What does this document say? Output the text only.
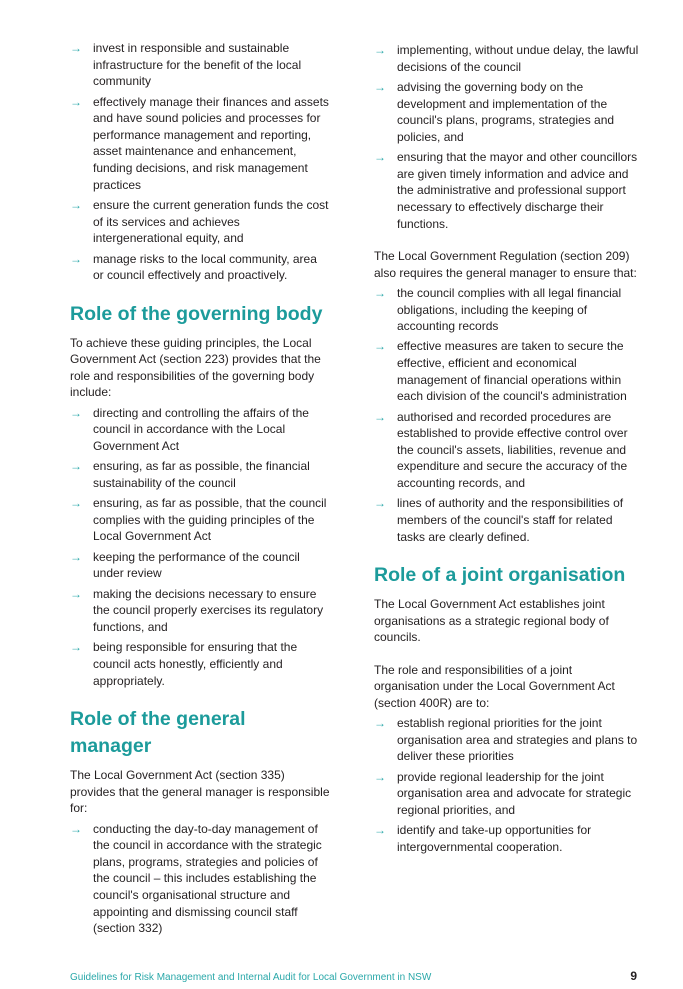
→ invest in responsible and sustainable infrastructure for the benefit of the local community
→ effectively manage their finances and assets and have sound policies and processes for performance management and reporting, asset maintenance and enhancement, funding decisions, and risk management practices
→ ensure the current generation funds the cost of its services and achieves intergenerational equity, and
→ manage risks to the local community, area or council effectively and proactively.
Role of the governing body

To achieve these guiding principles, the Local Government Act (section 223) provides that the role and responsibilities of the governing body include:

→ directing and controlling the affairs of the council in accordance with the Local Government Act
→ ensuring, as far as possible, the financial sustainability of the council
→ ensuring, as far as possible, that the council complies with the guiding principles of the Local Government Act
→ keeping the performance of the council under review
→ making the decisions necessary to ensure the council properly exercises its regulatory functions, and
→ being responsible for ensuring that the council acts honestly, efficiently and appropriately.
Role of the general manager

The Local Government Act (section 335) provides that the general manager is responsible for:

→ conducting the day-to-day management of the council in accordance with the strategic plans, programs, strategies and policies of the council – this includes establishing the council's organisational structure and appointing and dismissing council staff (section 332)
→ implementing, without undue delay, the lawful decisions of the council
→ advising the governing body on the development and implementation of the council's plans, programs, strategies and policies, and
→ ensuring that the mayor and other councillors are given timely information and advice and the administrative and professional support necessary to effectively discharge their functions.

The Local Government Regulation (section 209) also requires the general manager to ensure that:

→ the council complies with all legal financial obligations, including the keeping of accounting records
→ effective measures are taken to secure the effective, efficient and economical management of financial operations within each division of the council's administration
→ authorised and recorded procedures are established to provide effective control over the council's assets, liabilities, revenue and expenditure and secure the accuracy of the accounting records, and
→ lines of authority and the responsibilities of members of the council's staff for related tasks are clearly defined.
Role of a joint organisation

The Local Government Act establishes joint organisations as a strategic regional body of councils.

The role and responsibilities of a joint organisation under the Local Government Act (section 400R) are to:

→ establish regional priorities for the joint organisation area and strategies and plans to deliver these priorities
→ provide regional leadership for the joint organisation area and advocate for strategic regional priorities, and
→ identify and take-up opportunities for intergovernmental cooperation.
Guidelines for Risk Management and Internal Audit for Local Government in NSW	9
